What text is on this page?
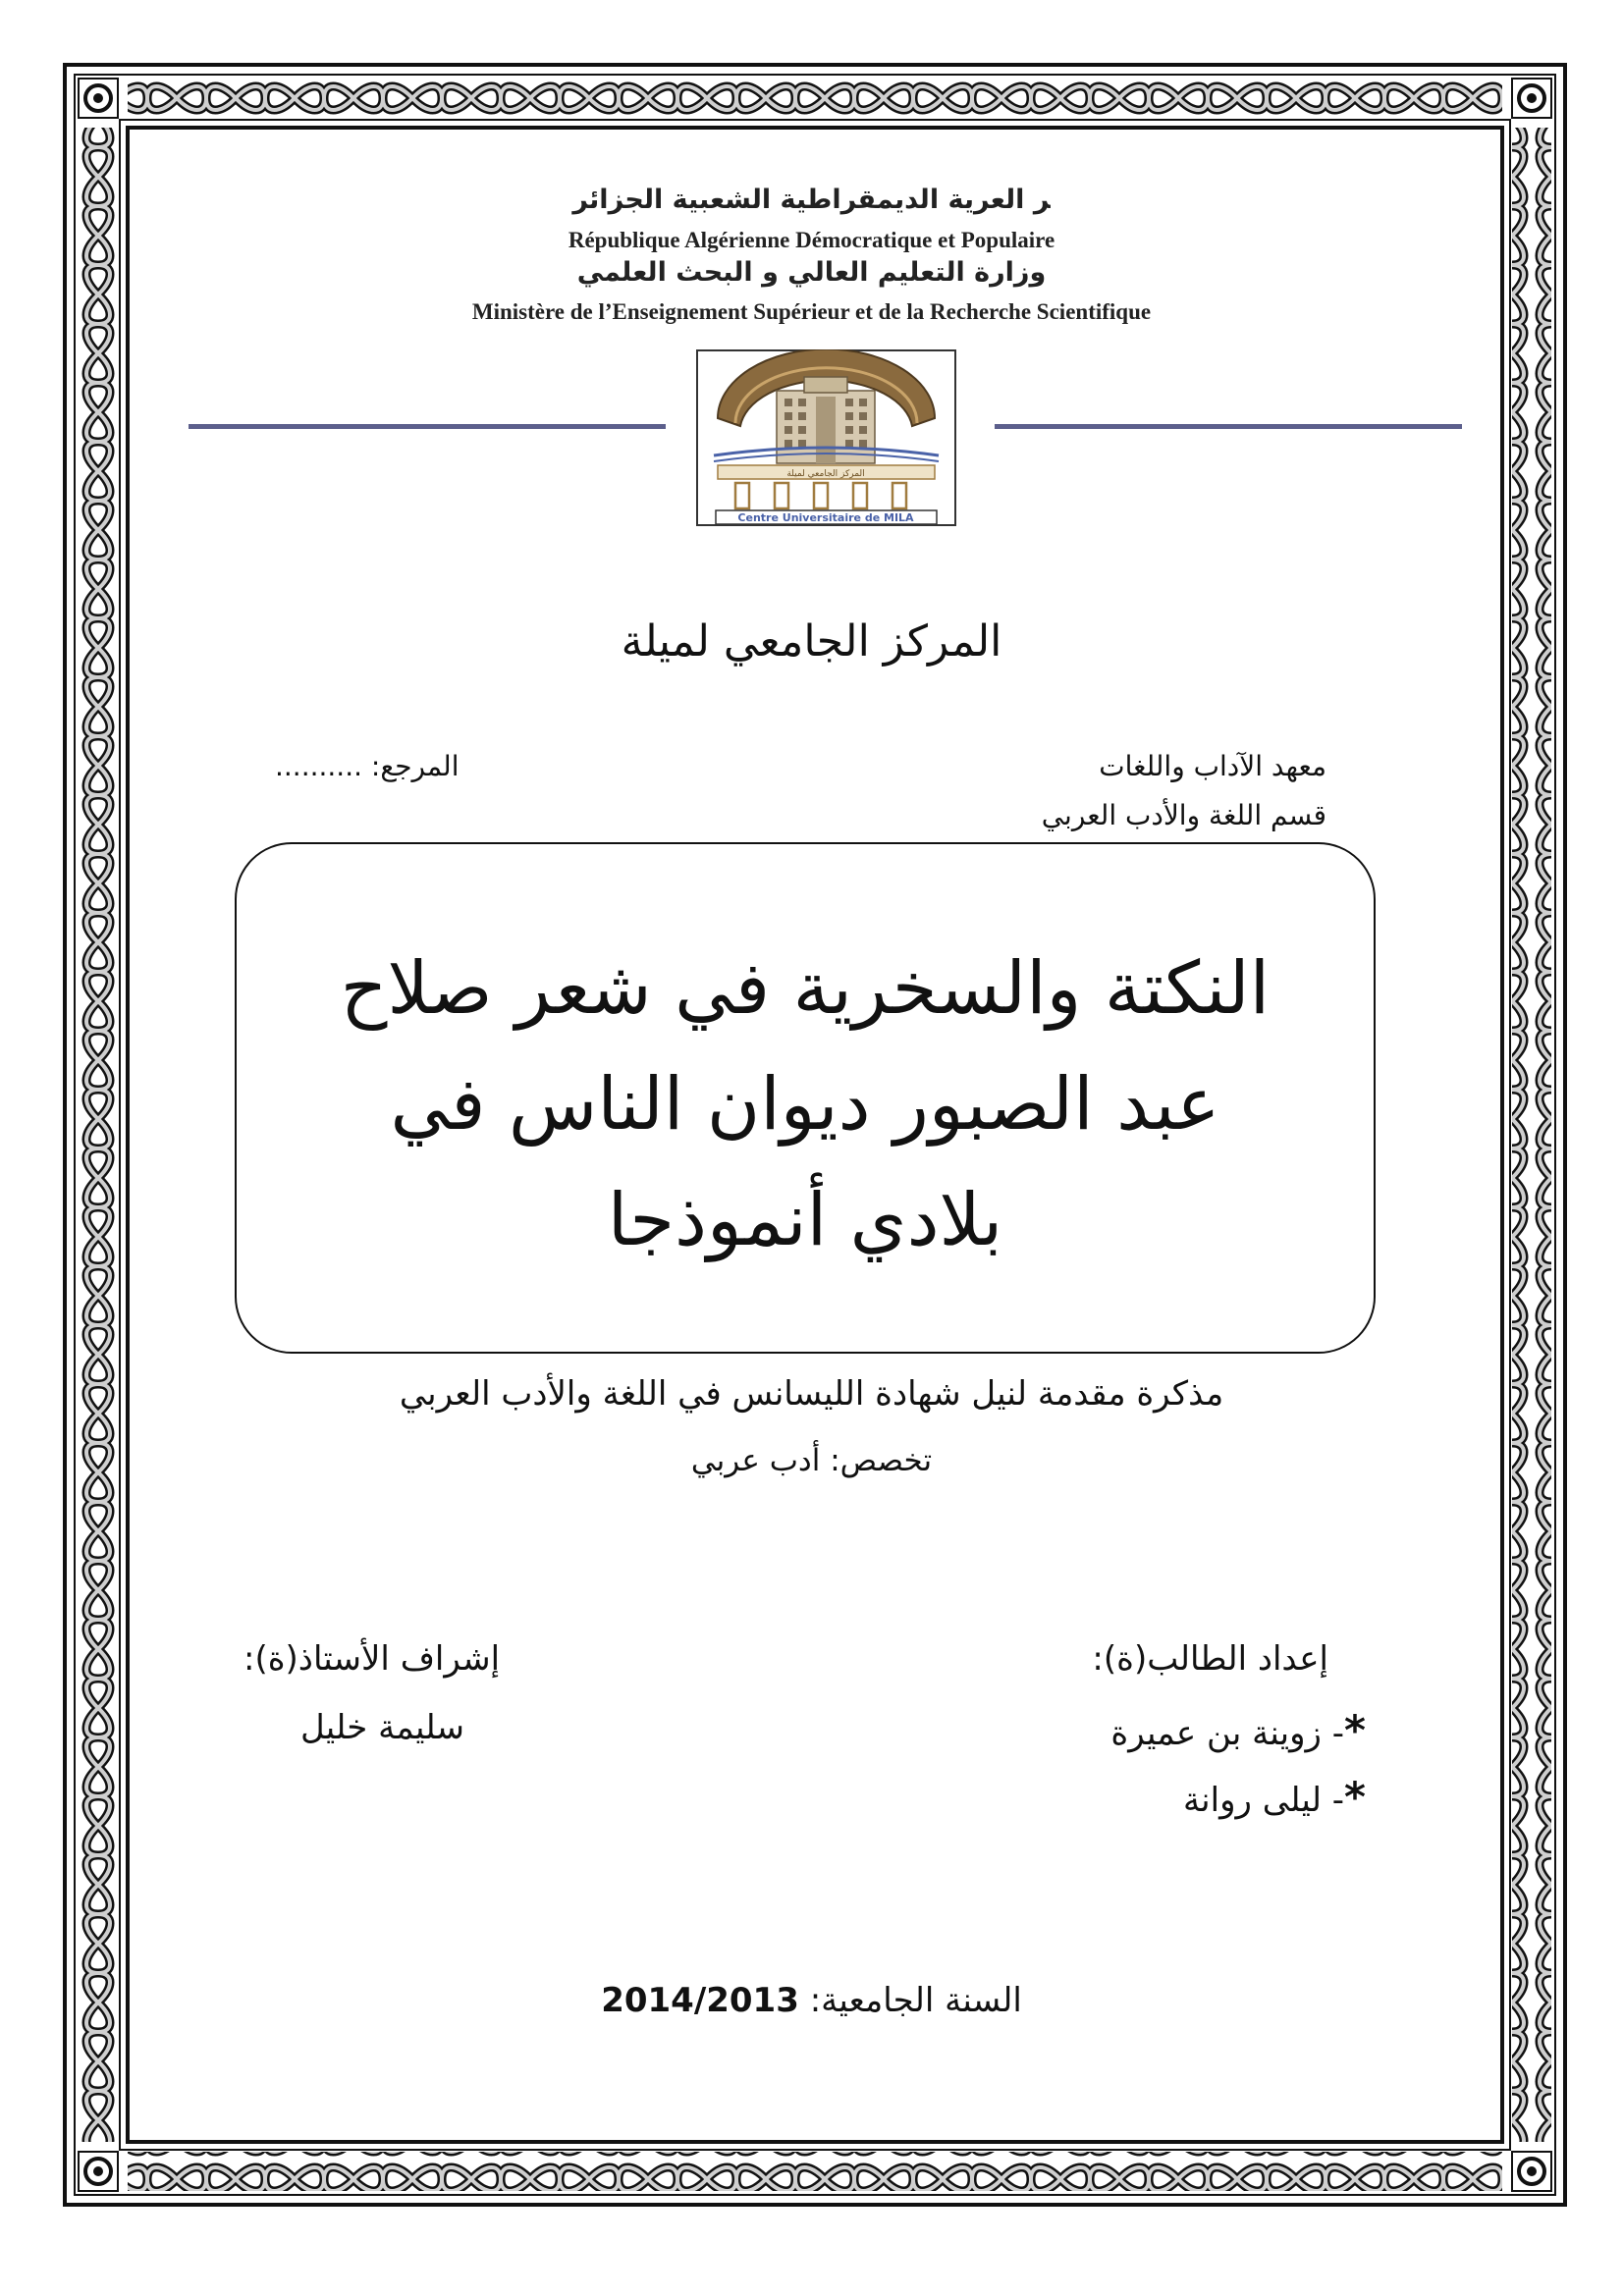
ﺮ ﺍﻟﻌﺮﻳﺔ ﺍﻟﺪﻳﻤﻘﺮﺍﻃﻴﺔ ﺍﻟﺸﻌﺒﻴﺔ ﺍﻟﺠﺰﺍﺋﺮ
République Algérienne Démocratique et Populaire
ﻭﺯﺍﺭﺓ ﺍﻟﺘﻌﻠﻴﻢ ﺍﻟﻌﺎﻟﻲ ﻭ ﺍﻟﺒﺤﺚ ﺍﻟﻌﻠﻤﻲ
Ministère de l’Enseignement Supérieur et de la Recherche Scientifique
المركز الجامعي لميلة
Centre Universitaire de MILA
المركز الجامعي لميلة
معهد الآداب واللغات
قسم اللغة والأدب العربي
المرجع: ..........
النكتة والسخرية في شعر صلاح
عبد الصبور ديوان الناس في
بلادي أنموذجا
مذكرة مقدمة لنيل شهادة الليسانس في اللغة والأدب العربي
تخصص: أدب عربي
إعداد الطالب(ة):
*- زوينة بن عميرة
*- ليلى روانة
إشراف الأستاذ(ة):
سليمة خليل
السنة الجامعية: 2014/2013
